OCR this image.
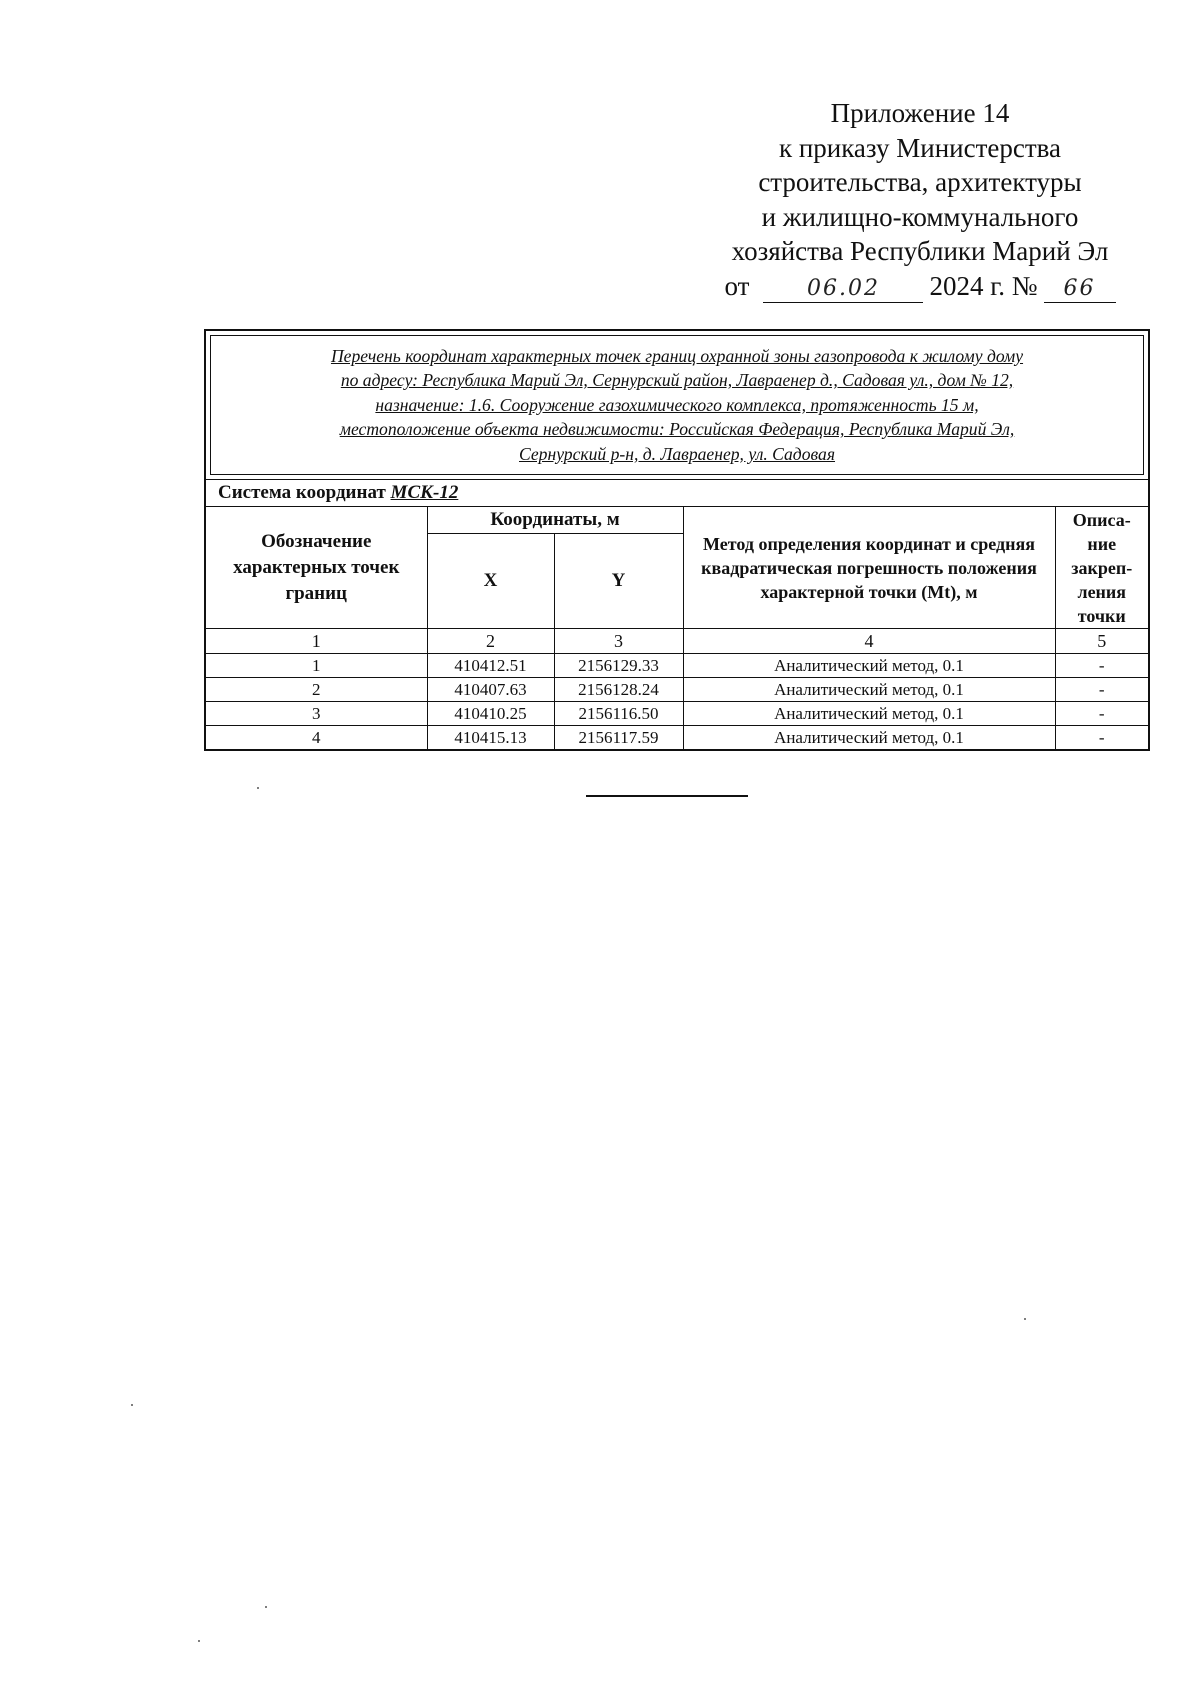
Приложение 14
к приказу Министерства
строительства, архитектуры
и жилищно-коммунального
хозяйства Республики Марий Эл
от	06.02 2024 г. № 66
Перечень координат характерных точек границ охранной зоны газопровода к жилому дому
по адресу: Республика Марий Эл, Сернурский район, Лавраенер д., Садовая ул., дом № 12,
назначение: 1.6. Сооружение газохимического комплекса, протяженность 15 м,
местоположение объекта недвижимости: Российская Федерация, Республика Марий Эл,
Сернурский р-н, д. Лавраенер, ул. Садовая				

Система координат МСК-12				
Обозначение характерных точек границ	Координаты, м		Метод определения координат и средняя квадратическая погрешность положения характерной точки (Mt), м	Описа-ние закреп-ления точки
	X	Y		
1	2	3	4	5
1	410412.51	2156129.33	Аналитический метод, 0.1	-
2	410407.63	2156128.24	Аналитический метод, 0.1	-
3	410410.25	2156116.50	Аналитический метод, 0.1	-
4	410415.13	2156117.59	Аналитический метод, 0.1	-
